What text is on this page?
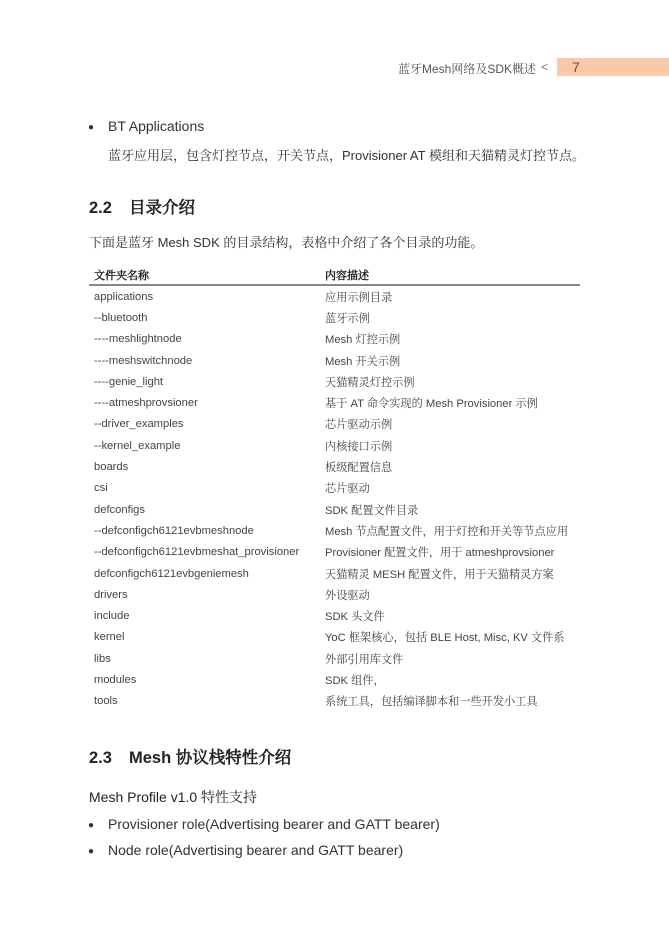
蓝牙Mesh网络及SDK概述 <	7
● BT Applications
蓝牙应用层，包含灯控节点，开关节点，Provisioner AT 模组和天猫精灵灯控节点。
2.2 目录介绍
下面是蓝牙 Mesh SDK 的目录结构，表格中介绍了各个目录的功能。
文件夹名称	内容描述
applications	应用示例目录
--bluetooth	蓝牙示例
----meshlightnode	Mesh 灯控示例
----meshswitchnode	Mesh 开关示例
----genie_light	天猫精灵灯控示例
----atmeshprovsioner	基于 AT 命令实现的 Mesh Provisioner 示例
--driver_examples	芯片驱动示例
--kernel_example	内核接口示例
boards	板级配置信息
csi	芯片驱动
defconfigs	SDK 配置文件目录
--defconfigch6121evbmeshnode	Mesh 节点配置文件，用于灯控和开关等节点应用
--defconfigch6121evbmeshat_provisioner	Provisioner 配置文件，用于 atmeshprovsioner
defconfigch6121evbgeniemesh	天猫精灵 MESH 配置文件，用于天猫精灵方案
drivers	外设驱动
include	SDK 头文件
kernel	YoC 框架核心，包括 BLE Host, Misc, KV 文件系
libs	外部引用库文件
modules	SDK 组件，
tools	系统工具，包括编译脚本和一些开发小工具
2.3 Mesh 协议栈特性介绍
Mesh Profile v1.0 特性支持
● Provisioner role(Advertising bearer and GATT bearer)
● Node role(Advertising bearer and GATT bearer)
